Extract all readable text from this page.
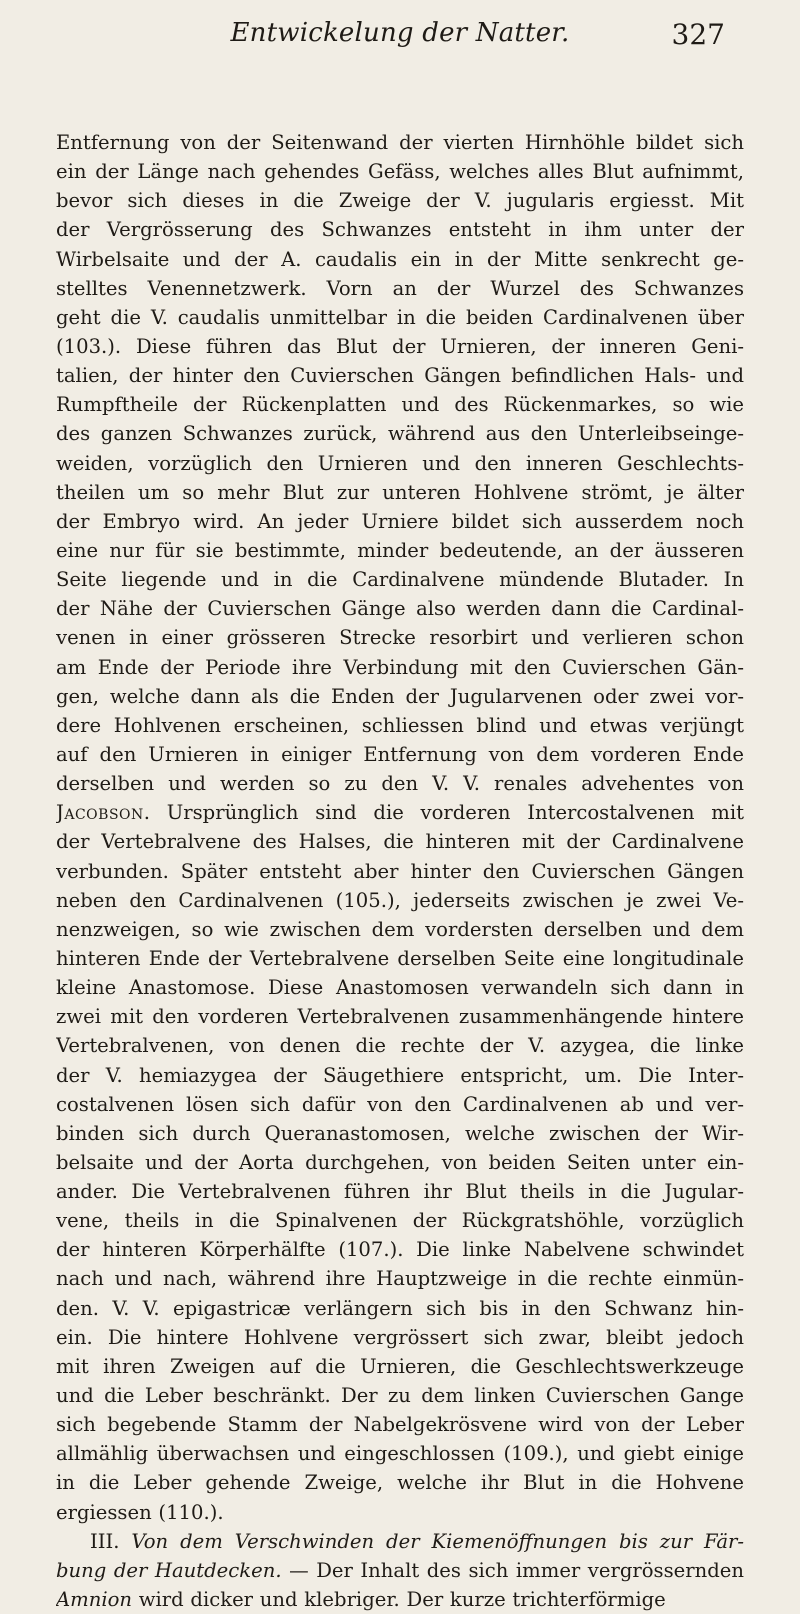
Entwickelung der Natter.	327
Entfernung von der Seitenwand der vierten Hirnhöhle bildet sich
ein der Länge nach gehendes Gefäss, welches alles Blut aufnimmt,
bevor sich dieses in die Zweige der V. jugularis ergiesst. Mit
der Vergrösserung des Schwanzes entsteht in ihm unter der
Wirbelsaite und der A. caudalis ein in der Mitte senkrecht ge-
stelltes Venennetzwerk. Vorn an der Wurzel des Schwanzes
geht die V. caudalis unmittelbar in die beiden Cardinalvenen über
(103.). Diese führen das Blut der Urnieren, der inneren Geni-
talien, der hinter den Cuvierschen Gängen befindlichen Hals- und
Rumpftheile der Rückenplatten und des Rückenmarkes, so wie
des ganzen Schwanzes zurück, während aus den Unterleibseinge-
weiden, vorzüglich den Urnieren und den inneren Geschlechts-
theilen um so mehr Blut zur unteren Hohlvene strömt, je älter
der Embryo wird. An jeder Urniere bildet sich ausserdem noch
eine nur für sie bestimmte, minder bedeutende, an der äusseren
Seite liegende und in die Cardinalvene mündende Blutader. In
der Nähe der Cuvierschen Gänge also werden dann die Cardinal-
venen in einer grösseren Strecke resorbirt und verlieren schon
am Ende der Periode ihre Verbindung mit den Cuvierschen Gän-
gen, welche dann als die Enden der Jugularvenen oder zwei vor-
dere Hohlvenen erscheinen, schliessen blind und etwas verjüngt
auf den Urnieren in einiger Entfernung von dem vorderen Ende
derselben und werden so zu den V. V. renales advehentes von
Jacobson. Ursprünglich sind die vorderen Intercostalvenen mit
der Vertebralvene des Halses, die hinteren mit der Cardinalvene
verbunden. Später entsteht aber hinter den Cuvierschen Gängen
neben den Cardinalvenen (105.), jederseits zwischen je zwei Ve-
nenzweigen, so wie zwischen dem vordersten derselben und dem
hinteren Ende der Vertebralvene derselben Seite eine longitudinale
kleine Anastomose. Diese Anastomosen verwandeln sich dann in
zwei mit den vorderen Vertebralvenen zusammenhängende hintere
Vertebralvenen, von denen die rechte der V. azygea, die linke
der V. hemiazygea der Säugethiere entspricht, um. Die Inter-
costalvenen lösen sich dafür von den Cardinalvenen ab und ver-
binden sich durch Queranastomosen, welche zwischen der Wir-
belsaite und der Aorta durchgehen, von beiden Seiten unter ein-
ander. Die Vertebralvenen führen ihr Blut theils in die Jugular-
vene, theils in die Spinalvenen der Rückgratshöhle, vorzüglich
der hinteren Körperhälfte (107.). Die linke Nabelvene schwindet
nach und nach, während ihre Hauptzweige in die rechte einmün-
den. V. V. epigastricæ verlängern sich bis in den Schwanz hin-
ein. Die hintere Hohlvene vergrössert sich zwar, bleibt jedoch
mit ihren Zweigen auf die Urnieren, die Geschlechtswerkzeuge
und die Leber beschränkt. Der zu dem linken Cuvierschen Gange
sich begebende Stamm der Nabelgekrösvene wird von der Leber
allmählig überwachsen und eingeschlossen (109.), und giebt einige
in die Leber gehende Zweige, welche ihr Blut in die Hohvene
ergiessen (110.).
III. Von dem Verschwinden der Kiemenöffnungen bis zur Fär-
bung der Hautdecken. — Der Inhalt des sich immer vergrössernden
Amnion wird dicker und klebriger. Der kurze trichterförmige
